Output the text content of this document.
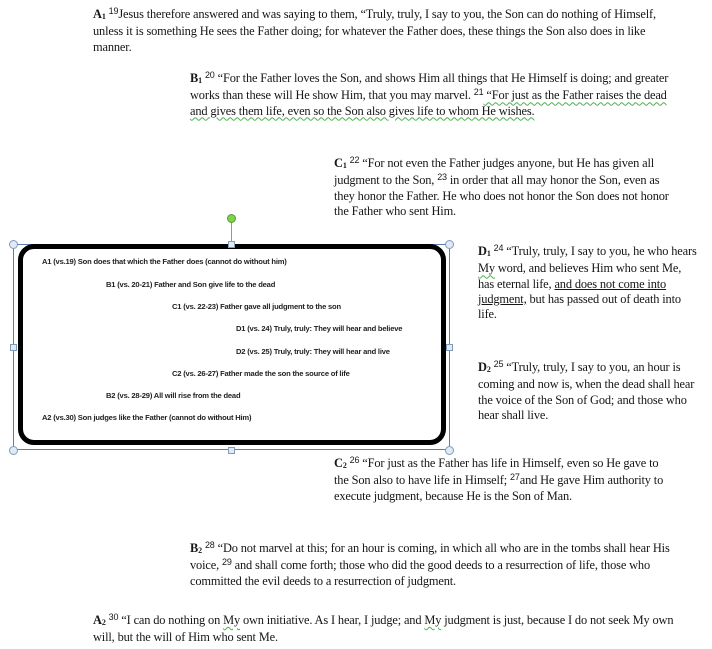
$A_1$ $^{19}$Jesus therefore answered and was saying to them, “Truly, truly, I say to you, the Son can do nothing of Himself, unless it is something He sees the Father doing; for whatever the Father does, these things the Son also does in like manner.
$B_1$ $^{20}$ “For the Father loves the Son, and shows Him all things that He Himself is doing; and greater works than these will He show Him, that you may marvel. $^{21}$ “For just as the Father raises the dead and gives them life, even so the Son also gives life to whom He wishes.
$C_1$ $^{22}$ “For not even the Father judges anyone, but He has given all judgment to the Son, $^{23}$ in order that all may honor the Son, even as they honor the Father. He who does not honor the Son does not honor the Father who sent Him.
$D_1$ $^{24}$ “Truly, truly, I say to you, he who hears My word, and believes Him who sent Me, has eternal life, and does not come into judgment, but has passed out of death into life.
$D_2$ $^{25}$ “Truly, truly, I say to you, an hour is coming and now is, when the dead shall hear the voice of the Son of God; and those who hear shall live.
$C_2$ $^{26}$ “For just as the Father has life in Himself, even so He gave to the Son also to have life in Himself; $^{27}$and He gave Him authority to execute judgment, because He is the Son of Man.
$B_2$ $^{28}$ “Do not marvel at this; for an hour is coming, in which all who are in the tombs shall hear His voice, $^{29}$ and shall come forth; those who did the good deeds to a resurrection of life, those who committed the evil deeds to a resurrection of judgment.
$A_2$ $^{30}$ “I can do nothing on My own initiative. As I hear, I judge; and My judgment is just, because I do not seek My own will, but the will of Him who sent Me.
A1 (vs.19) Son does that which the Father does (cannot do without him)
B1 (vs. 20-21) Father and Son give life to the dead
C1 (vs. 22-23) Father gave all judgment to the son
D1 (vs. 24) Truly, truly: They will hear and believe
D2 (vs. 25) Truly, truly: They will hear and live
C2 (vs. 26-27) Father made the son the source of life
B2 (vs. 28-29) All will rise from the dead
A2 (vs.30) Son judges like the Father (cannot do without Him)
